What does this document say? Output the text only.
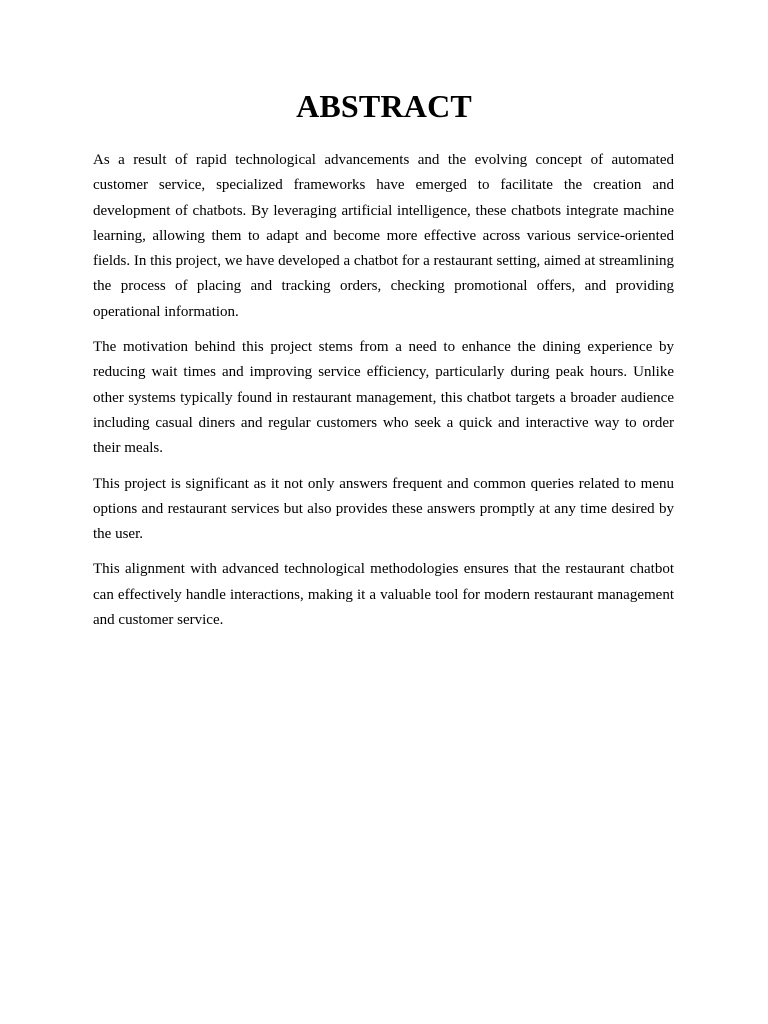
ABSTRACT

As a result of rapid technological advancements and the evolving concept of automated customer service, specialized frameworks have emerged to facilitate the creation and development of chatbots. By leveraging artificial intelligence, these chatbots integrate machine learning, allowing them to adapt and become more effective across various service-oriented fields. In this project, we have developed a chatbot for a restaurant setting, aimed at streamlining the process of placing and tracking orders, checking promotional offers, and providing operational information.

The motivation behind this project stems from a need to enhance the dining experience by reducing wait times and improving service efficiency, particularly during peak hours. Unlike other systems typically found in restaurant management, this chatbot targets a broader audience including casual diners and regular customers who seek a quick and interactive way to order their meals.

This project is significant as it not only answers frequent and common queries related to menu options and restaurant services but also provides these answers promptly at any time desired by the user.

This alignment with advanced technological methodologies ensures that the restaurant chatbot can effectively handle interactions, making it a valuable tool for modern restaurant management and customer service.
